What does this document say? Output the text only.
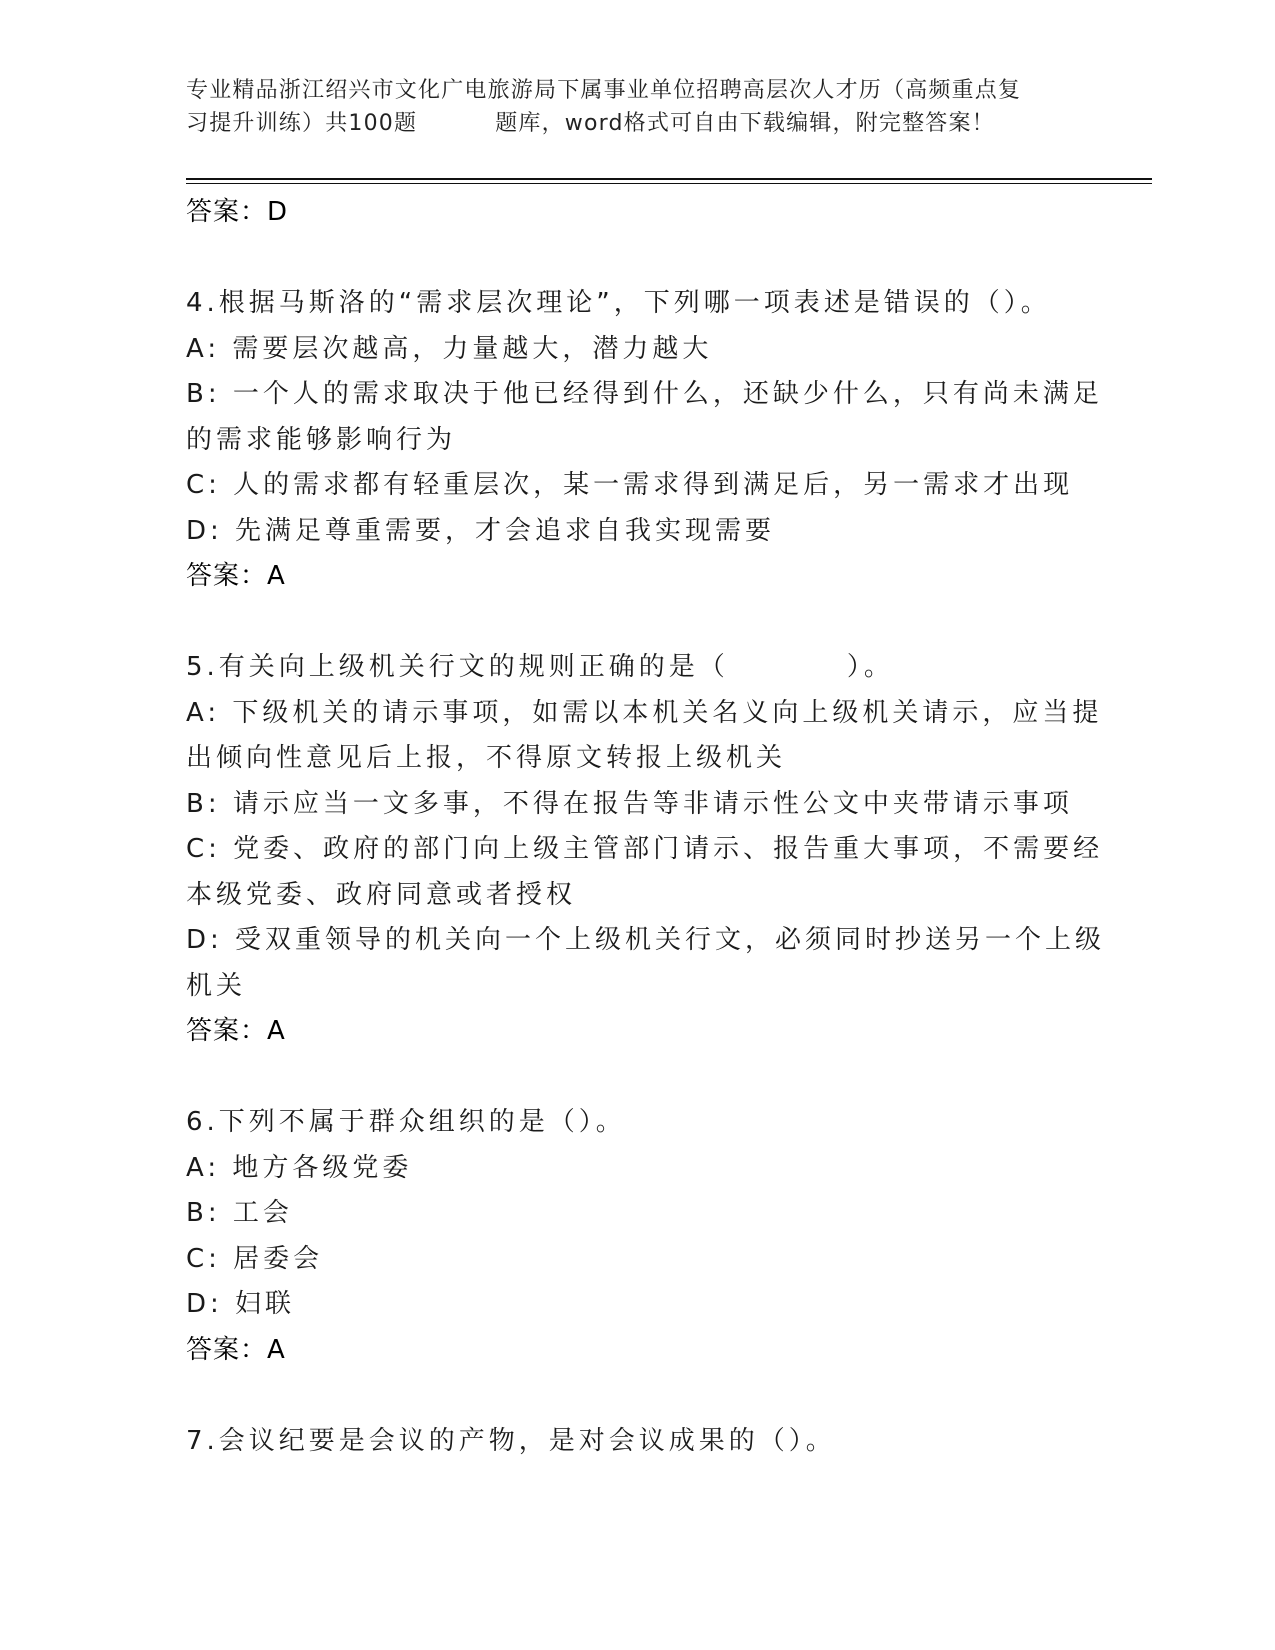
专业精品浙江绍兴市文化广电旅游局下属事业单位招聘高层次人才历（高频重点复
习提升训练）共100题	题库，word格式可自由下载编辑，附完整答案！
答案：D
4.根据马斯洛的“需求层次理论”，下列哪一项表述是错误的（）。
A: 需要层次越高，力量越大，潜力越大
B: 一个人的需求取决于他已经得到什么，还缺少什么，只有尚未满足
的需求能够影响行为
C: 人的需求都有轻重层次，某一需求得到满足后，另一需求才出现
D: 先满足尊重需要，才会追求自我实现需要
答案：A
5.有关向上级机关行文的规则正确的是（	）。
A: 下级机关的请示事项，如需以本机关名义向上级机关请示，应当提
出倾向性意见后上报，不得原文转报上级机关
B: 请示应当一文多事，不得在报告等非请示性公文中夹带请示事项
C: 党委、政府的部门向上级主管部门请示、报告重大事项，不需要经
本级党委、政府同意或者授权
D: 受双重领导的机关向一个上级机关行文，必须同时抄送另一个上级
机关
答案：A
6.下列不属于群众组织的是（）。
A: 地方各级党委
B: 工会
C: 居委会
D: 妇联
答案：A
7.会议纪要是会议的产物，是对会议成果的（）。
